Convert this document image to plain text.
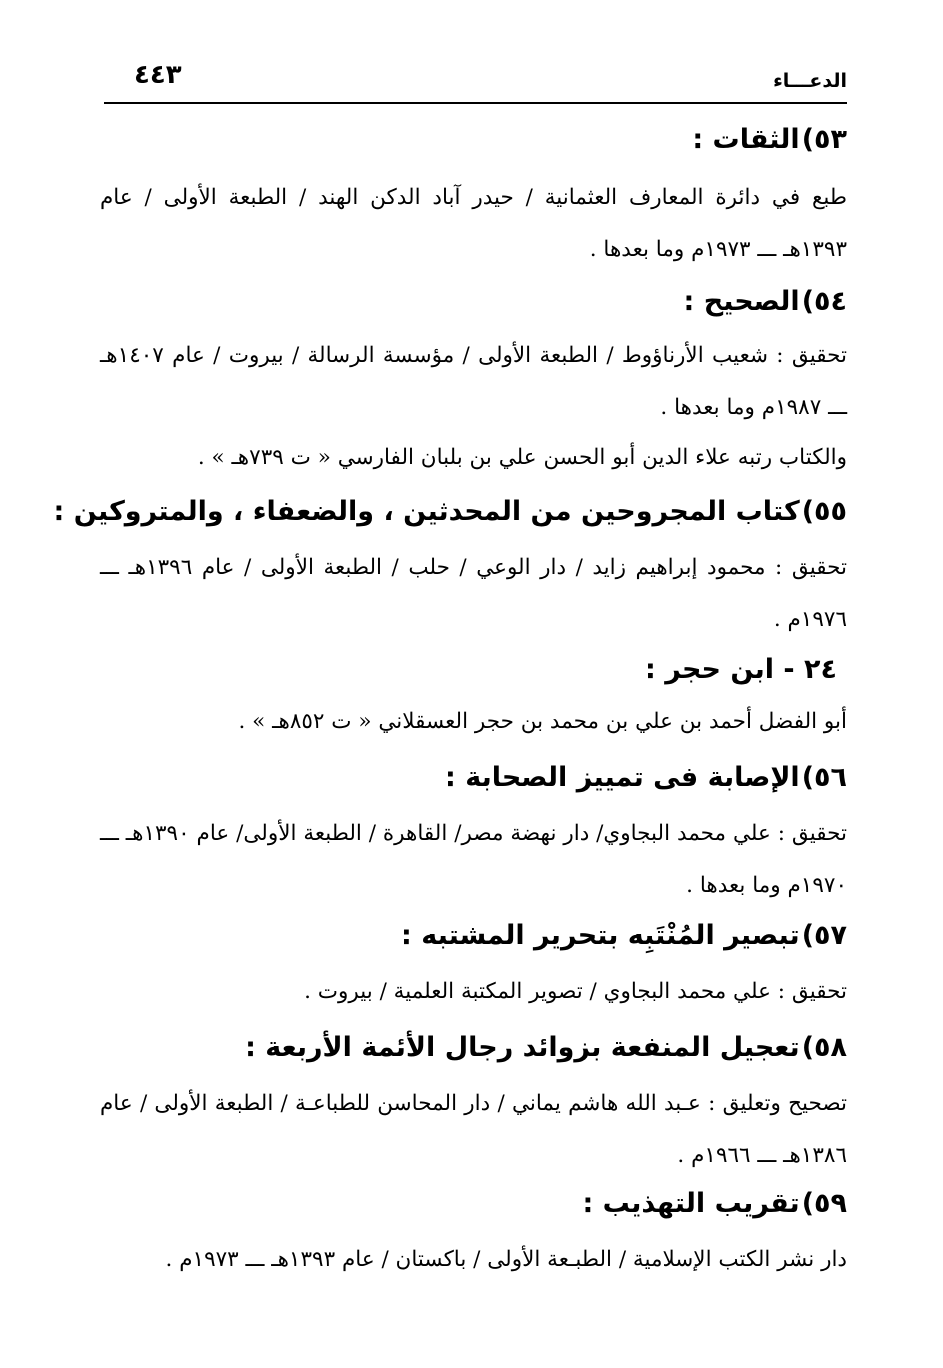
الدعـــاء
٤٤٣
٥٣)الثقات :

طبع في دائرة المعارف العثمانية / حيدر آباد الدكن الهند / الطبعة الأولى / عام ١٣٩٣هـ ـــ ١٩٧٣م وما بعدها .

٥٤)الصحيح :

تحقيق : شعيب الأرناؤوط / الطبعة الأولى / مؤسسة الرسالة / بيروت / عام ١٤٠٧هـ ـــ ١٩٨٧م وما بعدها .

والكتاب رتبه علاء الدين أبو الحسن علي بن بلبان الفارسي « ت ٧٣٩هـ » .

٥٥)كتاب المجروحين من المحدثين ، والضعفاء ، والمتروكين :

تحقيق : محمود إبراهيم زايد / دار الوعي / حلب / الطبعة الأولى / عام ١٣٩٦هـ ـــ ١٩٧٦م .

٢٤ - ابن حجر :

أبو الفضل أحمد بن علي بن محمد بن حجر العسقلاني « ت ٨٥٢هـ » .

٥٦)الإصابة فى تمييز الصحابة :

تحقيق : علي محمد البجاوي/ دار نهضة مصر/ القاهرة / الطبعة الأولى/ عام ١٣٩٠هـ ـــ ١٩٧٠م وما بعدها .

٥٧)تبصير المُنْتَبِه بتحرير المشتبه :

تحقيق : علي محمد البجاوي / تصوير المكتبة العلمية / بيروت .

٥٨)تعجيل المنفعة بزوائد رجال الأئمة الأربعة :

تصحيح وتعليق : عـبد الله هاشم يماني / دار المحاسن للطباعـة / الطبعة الأولى / عام ١٣٨٦هـ ـــ ١٩٦٦م .

٥٩)تقريب التهذيب :

دار نشر الكتب الإسلامية / الطبـعة الأولى / باكستان / عام ١٣٩٣هـ ـــ ١٩٧٣م .
